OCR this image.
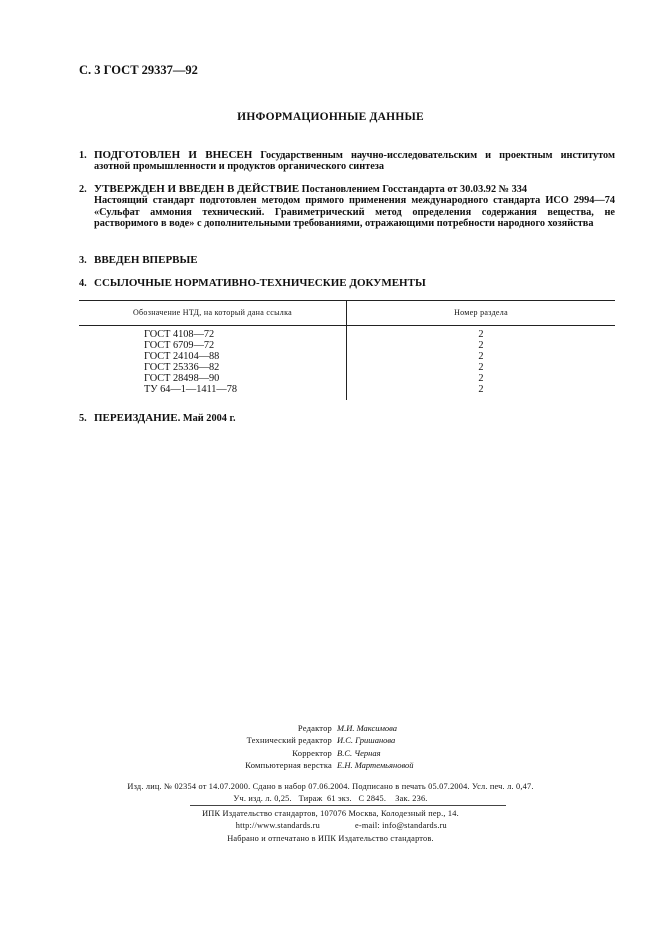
С. 3 ГОСТ 29337—92
ИНФОРМАЦИОННЫЕ ДАННЫЕ
1. ПОДГОТОВЛЕН И ВНЕСЕН Государственным научно-исследовательским и проектным институтом азотной промышленности и продуктов органического синтеза
2. УТВЕРЖДЕН И ВВЕДЕН В ДЕЙСТВИЕ Постановлением Госстандарта от 30.03.92 № 334
Настоящий стандарт подготовлен методом прямого применения международного стандарта ИСО 2994—74 «Сульфат аммония технический. Гравиметрический метод определения содержания вещества, не растворимого в воде» с дополнительными требованиями, отражающими потребности народного хозяйства
3. ВВЕДЕН ВПЕРВЫЕ
4. ССЫЛОЧНЫЕ НОРМАТИВНО-ТЕХНИЧЕСКИЕ ДОКУМЕНТЫ
Обозначение НТД, на который дана ссылка	Номер раздела
ГОСТ 4108—72	2
ГОСТ 6709—72	2
ГОСТ 24104—88	2
ГОСТ 25336—82	2
ГОСТ 28498—90	2
ТУ 64—1—1411—78	2
5. ПЕРЕИЗДАНИЕ. Май 2004 г.
Редактор М.И. Максимова
Технический редактор И.С. Гришанова
Корректор В.С. Черная
Компьютерная верстка Е.Н. Мартемьяновой
Изд. лиц. № 02354 от 14.07.2000. Сдано в набор 07.06.2004. Подписано в печать 05.07.2004. Усл. печ. л. 0,47.
Уч. изд. л. 0,25.   Тираж  61 экз.   С 2845.    Зак. 236.
ИПК Издательство стандартов, 107076 Москва, Колодезный пер., 14.
http://www.standards.ru	e-mail: info@standards.ru
Набрано и отпечатано в ИПК Издательство стандартов.
